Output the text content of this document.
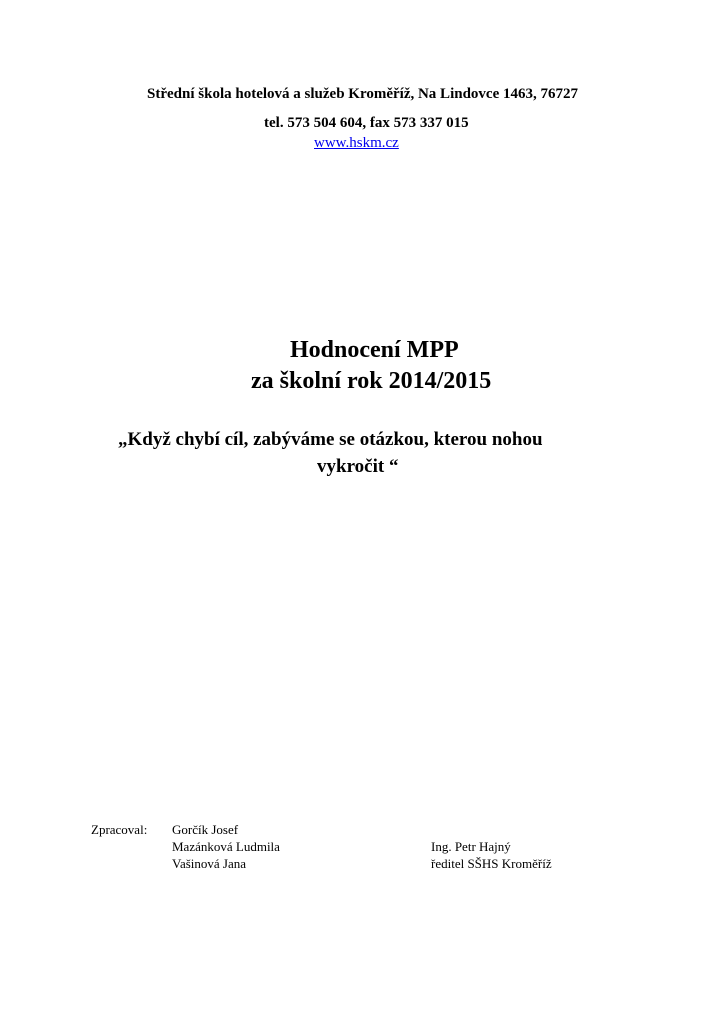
Střední škola hotelová a služeb Kroměříž, Na Lindovce 1463, 76727
tel. 573 504 604, fax 573 337 015
www.hskm.cz
Hodnocení MPP
za školní rok 2014/2015
„Když chybí cíl, zabýváme se otázkou, kterou nohou
vykročit “
Zpracoval: Gorčík Josef
Mazánková Ludmila
Vašinová Jana
Ing. Petr Hajný
ředitel SŠHS Kroměříž
